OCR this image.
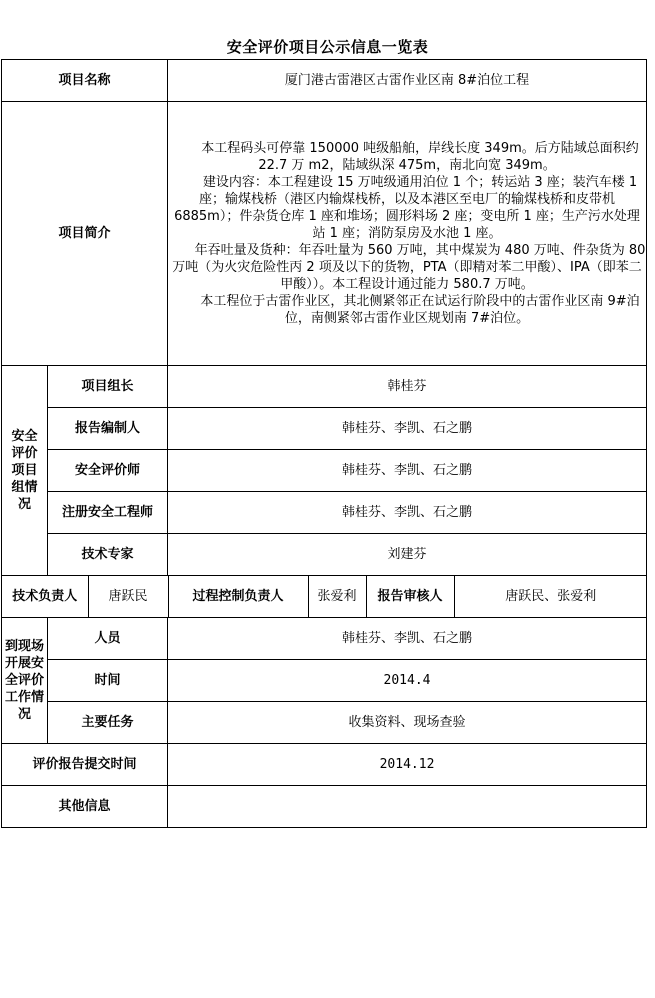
安全评价项目公示信息一览表
项目名称	厦门港古雷港区古雷作业区南 8#泊位工程
项目简介	

本工程码头可停靠 150000 吨级船舶，岸线长度 349m。后方陆域总面积约 22.7 万 m2，陆域纵深 475m，南北向宽 349m。

建设内容：本工程建设 15 万吨级通用泊位 1 个；转运站 3 座；装汽车楼 1 座；输煤栈桥（港区内输煤栈桥，以及本港区至电厂的输煤栈桥和皮带机 6885m）；件杂货仓库 1 座和堆场；圆形料场 2 座；变电所 1 座；生产污水处理站 1 座；消防泵房及水池 1 座。

年吞吐量及货种：年吞吐量为 560 万吨，其中煤炭为 480 万吨、件杂货为 80 万吨（为火灾危险性丙 2 项及以下的货物，PTA（即精对苯二甲酸）、IPA（即苯二甲酸））。本工程设计通过能力 580.7 万吨。

本工程位于古雷作业区，其北侧紧邻正在试运行阶段中的古雷作业区南 9#泊位，南侧紧邻古雷作业区规划南 7#泊位。

安全
评价
项目
组情
况
	项目组长	韩桂芬
报告编制人	韩桂芬、李凯、石之鹏
安全评价师	韩桂芬、李凯、石之鹏
注册安全工程师	韩桂芬、李凯、石之鹏
技术专家	刘建芬

技术负责人	唐跃民	过程控制负责人	张爱利	报告审核人	唐跃民、张爱利

到现场
开展安
全评价
工作情
况
	人员	韩桂芬、李凯、石之鹏
时间	2014.4
主要任务	收集资料、现场查验
评价报告提交时间	2014.12
其他信息	
